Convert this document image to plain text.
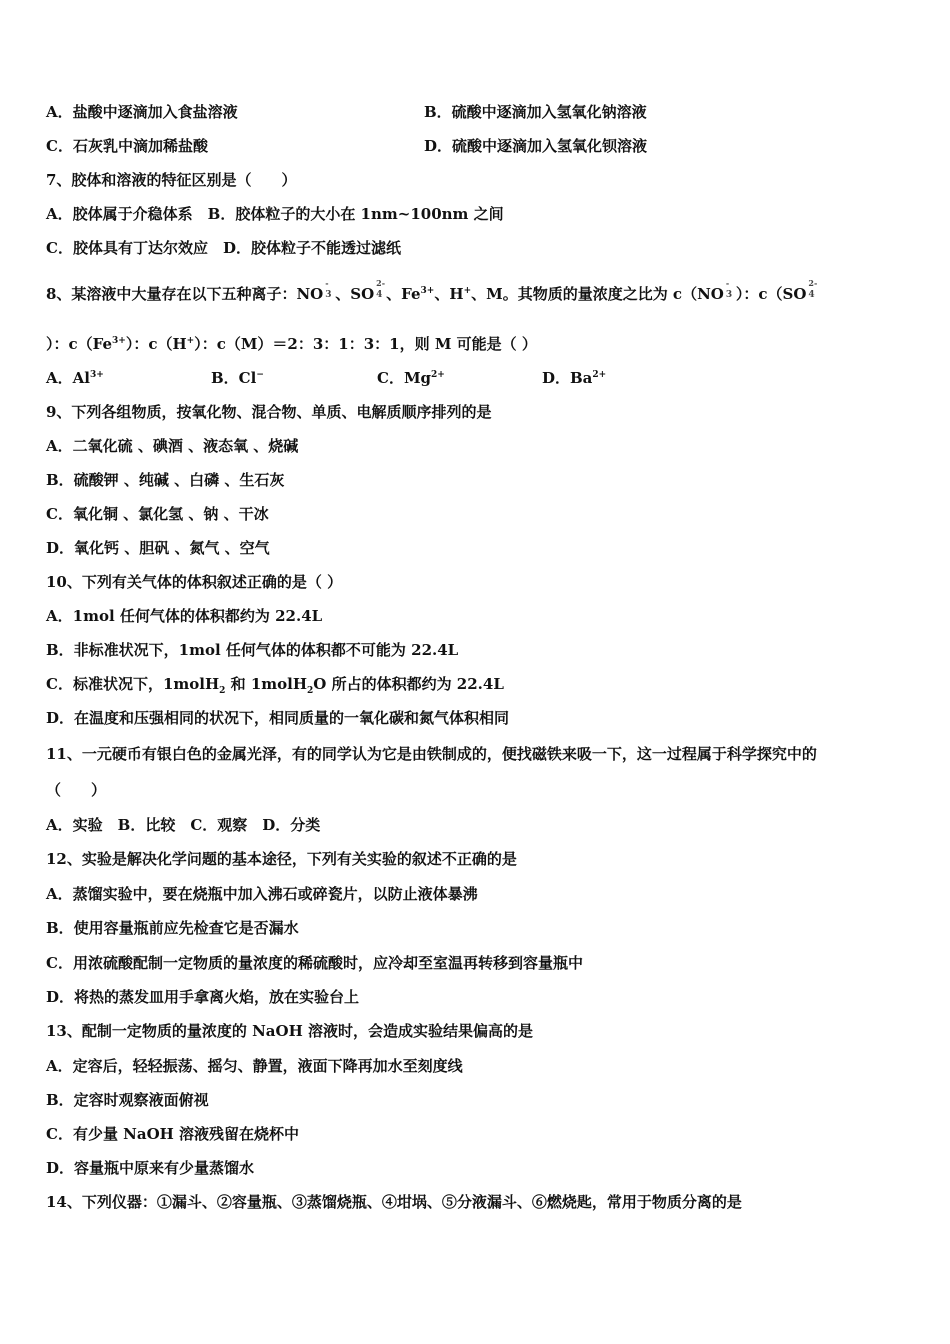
A．盐酸中逐滴加入食盐溶液	B．硫酸中逐滴加入氢氧化钠溶液
C．石灰乳中滴加稀盐酸	D．硫酸中逐滴加入氢氧化钡溶液
7、胶体和溶液的特征区别是（　　）
A．胶体属于介稳体系　B．胶体粒子的大小在 1nm~100nm 之间
C．胶体具有丁达尔效应　D．胶体粒子不能透过滤纸
8、某溶液中大量存在以下五种离子：NO
-
3 、SO
2-
4 、$Fe^{3+}$、H+、M。其物质的量浓度之比为 c（NO
-
3 ）：c（SO
2-
4
）：$c(Fe^{3+})$：c（H+）：c（M）＝2：3：1：3：1，则 M 可能是（ ）
A．$Al^{3+}$	B．Cl−	C．$Mg^{2+}$	D．$Ba^{2+}$
9、下列各组物质，按氧化物、混合物、单质、电解质顺序排列的是
A．二氧化硫 、碘酒 、液态氧 、烧碱
B．硫酸钾 、纯碱 、白磷 、生石灰
C．氧化铜 、氯化氢 、钠 、干冰
D．氧化钙 、胆矾 、氮气 、空气
10、下列有关气体的体积叙述正确的是（ ）
A．1mol 任何气体的体积都约为 22.4L
B．非标准状况下，1mol 任何气体的体积都不可能为 22.4L
C．标准状况下，1molH$_2$ 和 1molH$_2$O 所占的体积都约为 22.4L
D．在温度和压强相同的状况下，相同质量的一氧化碳和氮气体积相同
11、一元硬币有银白色的金属光泽，有的同学认为它是由铁制成的，便找磁铁来吸一下，这一过程属于科学探究中的
（　　）
A．实验　B．比较　C．观察　D．分类
12、实验是解决化学问题的基本途径，下列有关实验的叙述不正确的是
A．蒸馏实验中，要在烧瓶中加入沸石或碎瓷片，以防止液体暴沸
B．使用容量瓶前应先检查它是否漏水
C．用浓硫酸配制一定物质的量浓度的稀硫酸时，应冷却至室温再转移到容量瓶中
D．将热的蒸发皿用手拿离火焰，放在实验台上
13、配制一定物质的量浓度的 NaOH 溶液时，会造成实验结果偏高的是
A．定容后，轻轻振荡、摇匀、静置，液面下降再加水至刻度线
B．定容时观察液面俯视
C．有少量 NaOH 溶液残留在烧杯中
D．容量瓶中原来有少量蒸馏水
14、下列仪器：①漏斗、②容量瓶、③蒸馏烧瓶、④坩埚、⑤分液漏斗、⑥燃烧匙，常用于物质分离的是
